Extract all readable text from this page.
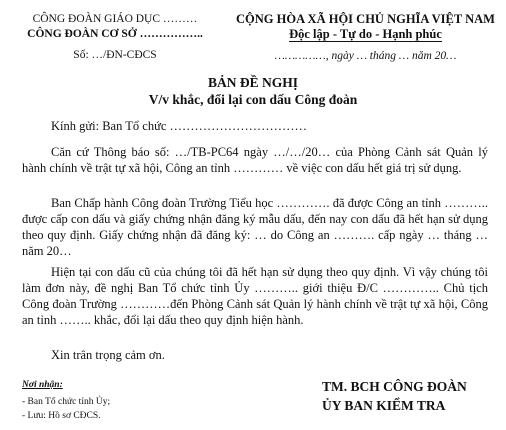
CÔNG ĐOÀN GIÁO DỤC ………
CÔNG ĐOÀN CƠ SỞ ……………..
Số: …/ĐN-CĐCS
CỘNG HÒA XÃ HỘI CHỦ NGHĨA VIỆT NAM
Độc lập - Tự do - Hạnh phúc
……………, ngày … tháng … năm 20…
BẢN ĐỀ NGHỊ
V/v khắc, đổi lại con dấu Công đoàn
Kính gửi: Ban Tổ chức ……………………………
Căn cứ Thông báo số: …/TB-PC64 ngày …/…/20… của Phòng Cảnh sát Quản lý hành chính về trật tự xã hội, Công an tỉnh ………… về việc con dấu hết giá trị sử dụng.
Ban Chấp hành Công đoàn Trường Tiểu học …………. đã được Công an tỉnh ……….. được cấp con dấu và giấy chứng nhận đăng ký mẫu dấu, đến nay con dấu đã hết hạn sử dụng theo quy định. Giấy chứng nhận đã đăng ký: … do Công an ………. cấp ngày … tháng … năm 20…
Hiện tại con dấu cũ của chúng tôi đã hết hạn sử dụng theo quy định. Vì vậy chúng tôi làm đơn này, đề nghị Ban Tổ chức tỉnh Ủy ……….. giới thiệu Đ/C ………….. Chủ tịch Công đoàn Trường …………đến Phòng Cảnh sát Quản lý hành chính về trật tự xã hội, Công an tỉnh …….. khắc, đổi lại dấu theo quy định hiện hành.
Xin trân trọng cảm ơn.
Nơi nhận:
- Ban Tổ chức tỉnh Ủy;
- Lưu: Hồ sơ CĐCS.
TM. BCH CÔNG ĐOÀN
ỦY BAN KIỂM TRA
